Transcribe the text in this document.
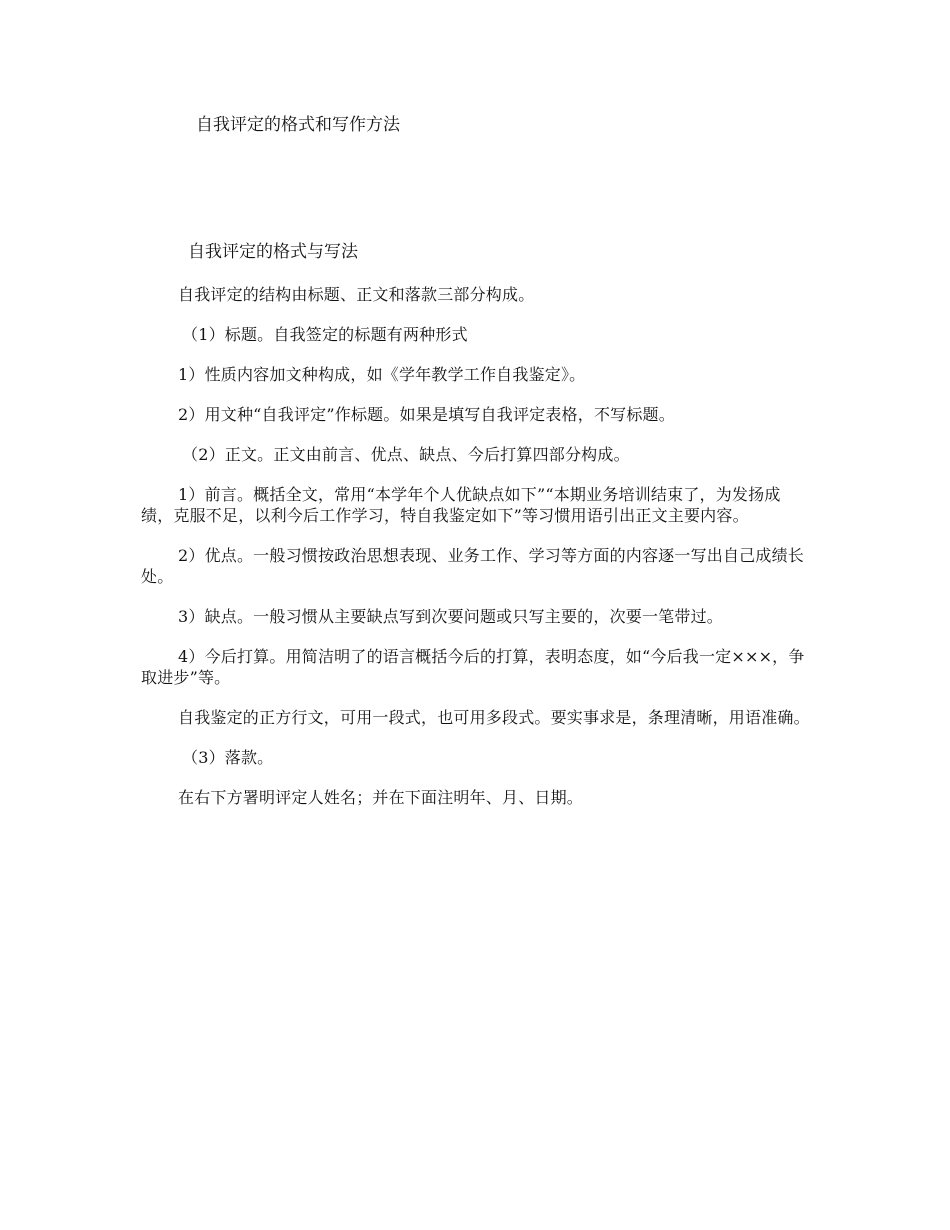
自我评定的格式和写作方法
自我评定的格式与写法

自我评定的结构由标题、正文和落款三部分构成。

（1）标题。自我签定的标题有两种形式

1）性质内容加文种构成，如《学年教学工作自我鉴定》。

2）用文种“自我评定”作标题。如果是填写自我评定表格，不写标题。

（2）正文。正文由前言、优点、缺点、今后打算四部分构成。

1）前言。概括全文，常用“本学年个人优缺点如下”“本期业务培训结束了，为发扬成绩，克服不足，以利今后工作学习，特自我鉴定如下”等习惯用语引出正文主要内容。

2）优点。一般习惯按政治思想表现、业务工作、学习等方面的内容逐一写出自己成绩长处。

3）缺点。一般习惯从主要缺点写到次要问题或只写主要的，次要一笔带过。

4）今后打算。用简洁明了的语言概括今后的打算，表明态度，如“今后我一定×××，争取进步”等。

自我鉴定的正方行文，可用一段式，也可用多段式。要实事求是，条理清晰，用语准确。

（3）落款。

在右下方署明评定人姓名；并在下面注明年、月、日期。
